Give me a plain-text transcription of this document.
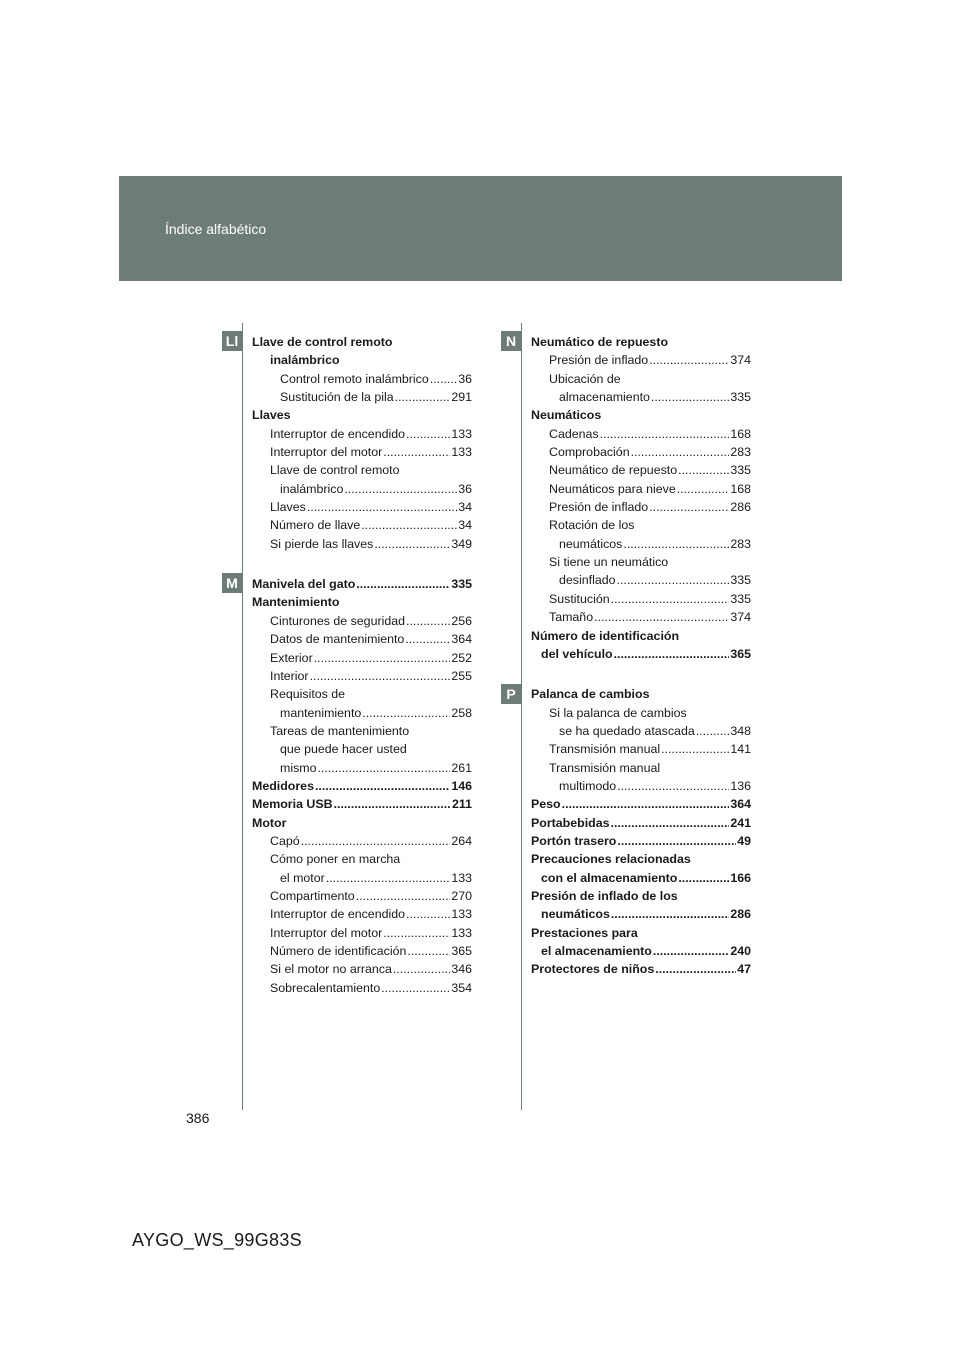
Índice alfabético
Ll
M
N
P
Llave de control remoto
inalámbrico
Control remoto inalámbrico ..... 36
Sustitución de la pila .....	291
Llaves
Interruptor de encendido .....	133
Interruptor del motor .....	133
Llave de control remoto
inalámbrico .....	36
Llaves .....	34
Número de llave .....	34
Si pierde las llaves .....	349
Manivela del gato .....	335
Mantenimiento
Cinturones de seguridad .....	256
Datos de mantenimiento .....	364
Exterior .....	252
Interior .....	255
Requisitos de
mantenimiento .....	258
Tareas de mantenimiento
que puede hacer usted
mismo .....	261
Medidores .....	146
Memoria USB .....	211
Motor
Capó .....	264
Cómo poner en marcha
el motor .....	133
Compartimento .....	270
Interruptor de encendido .....	133
Interruptor del motor .....	133
Número de identificación .....	365
Si el motor no arranca .....	346
Sobrecalentamiento .....	354
Neumático de repuesto
Presión de inflado .....	374
Ubicación de
almacenamiento .....	335
Neumáticos
Cadenas .....	168
Comprobación .....	283
Neumático de repuesto .....	335
Neumáticos para nieve .....	168
Presión de inflado .....	286
Rotación de los
neumáticos .....	283
Si tiene un neumático
desinflado .....	335
Sustitución .....	335
Tamaño .....	374
Número de identificación
del vehículo .....	365
Palanca de cambios
Si la palanca de cambios
se ha quedado atascada .....	348
Transmisión manual .....	141
Transmisión manual
multimodo .....	136
Peso .....	364
Portabebidas .....	241
Portón trasero .....	49
Precauciones relacionadas
con el almacenamiento .....	166
Presión de inflado de los
neumáticos .....	286
Prestaciones para
el almacenamiento .....	240
Protectores de niños .....	47
386
AYGO_WS_99G83S
